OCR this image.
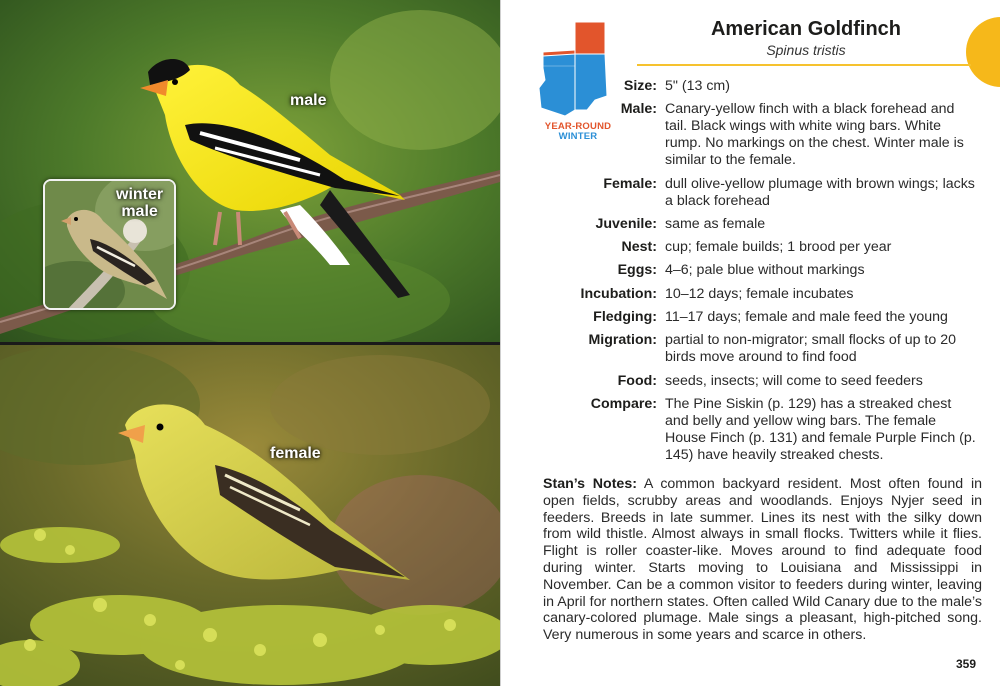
male
winter
male
female
YEAR-ROUND
WINTER
American Goldfinch
Spinus tristis
Size: 5" (13 cm)
Male: Canary-yellow finch with a black forehead and tail. Black wings with white wing bars. White rump. No markings on the chest. Winter male is similar to the female.
Female: dull olive-yellow plumage with brown wings; lacks a black forehead
Juvenile: same as female
Nest: cup; female builds; 1 brood per year
Eggs: 4–6; pale blue without markings
Incubation: 10–12 days; female incubates
Fledging: 11–17 days; female and male feed the young
Migration: partial to non-migrator; small flocks of up to 20 birds move around to find food
Food: seeds, insects; will come to seed feeders
Compare: The Pine Siskin (p. 129) has a streaked chest and belly and yellow wing bars. The female House Finch (p. 131) and female Purple Finch (p. 145) have heavily streaked chests.
Stan’s Notes: A common backyard resident. Most often found in open fields, scrubby areas and woodlands. Enjoys Nyjer seed in feeders. Breeds in late summer. Lines its nest with the silky down from wild thistle. Almost always in small flocks. Twitters while it flies. Flight is roller coaster-like. Moves around to find adequate food during winter. Starts moving to Louisiana and Mississippi in November. Can be a common visitor to feeders during winter, leaving in April for northern states. Often called Wild Canary due to the male’s canary-colored plumage. Male sings a pleasant, high-pitched song. Very numerous in some years and scarce in others.
359
